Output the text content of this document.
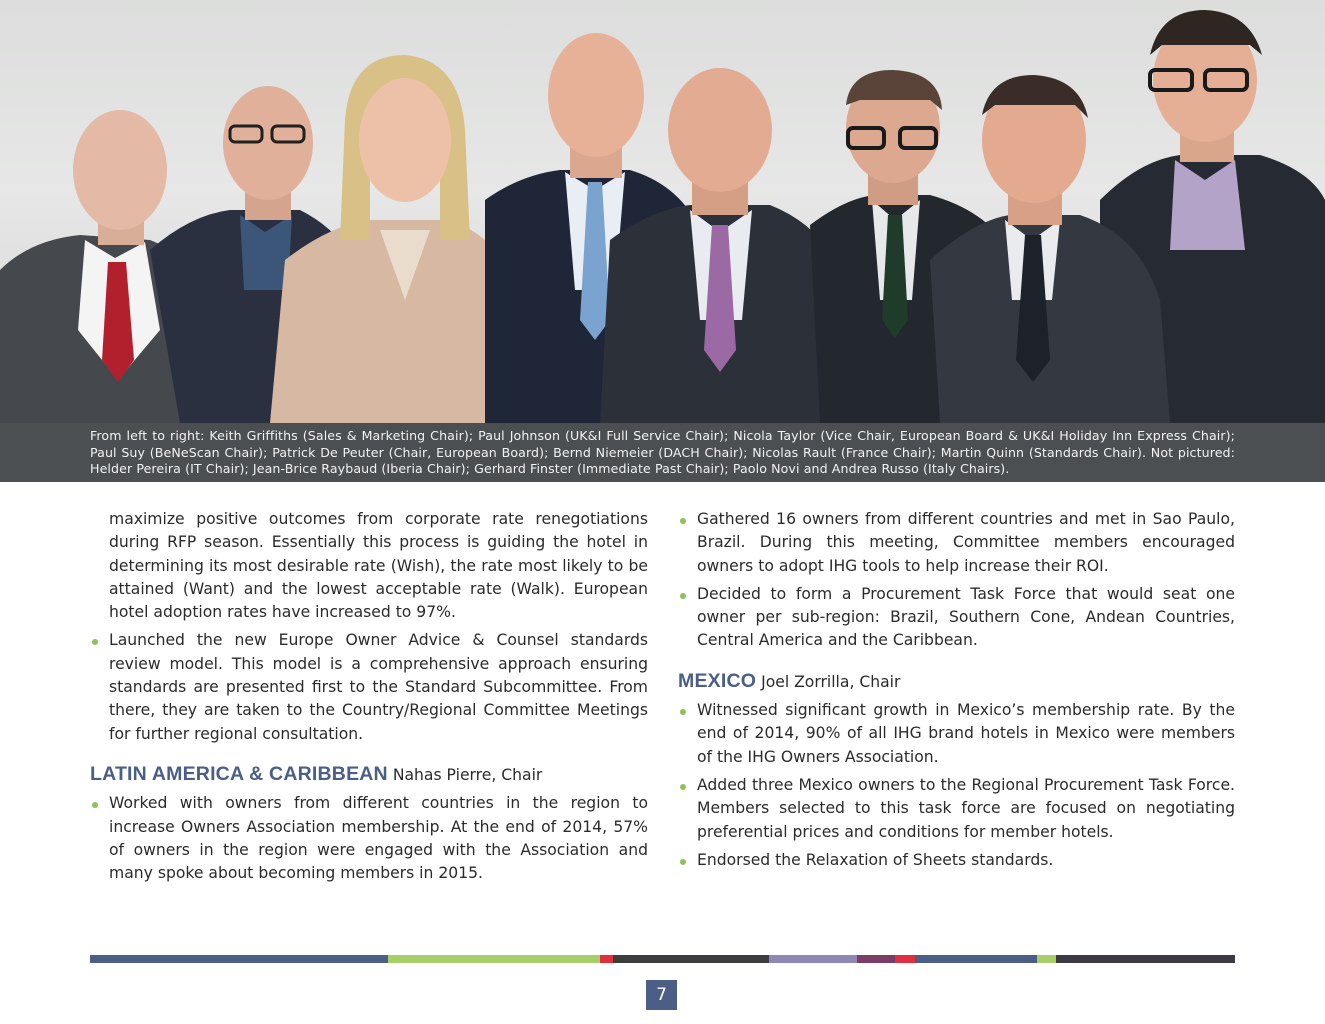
From left to right: Keith Griffiths (Sales & Marketing Chair); Paul Johnson (UK&I Full Service Chair); Nicola Taylor (Vice Chair, European Board & UK&I Holiday Inn Express Chair); Paul Suy (BeNeScan Chair); Patrick De Peuter (Chair, European Board); Bernd Niemeier (DACH Chair); Nicolas Rault (France Chair); Martin Quinn (Standards Chair). Not pictured: Helder Pereira (IT Chair); Jean-Brice Raybaud (Iberia Chair); Gerhard Finster (Immediate Past Chair); Paolo Novi and Andrea Russo (Italy Chairs).

maximize positive outcomes from corporate rate renegotiations during RFP season. Essentially this process is guiding the hotel in determining its most desirable rate (Wish), the rate most likely to be attained (Want) and the lowest acceptable rate (Walk). European hotel adoption rates have increased to 97%.
Launched the new Europe Owner Advice & Counsel standards review model. This model is a comprehensive approach ensuring standards are presented first to the Standard Subcommittee. From there, they are taken to the Country/Regional Committee Meetings for further regional consultation.
LATIN AMERICA & CARIBBEAN Nahas Pierre, Chair
Worked with owners from different countries in the region to increase Owners Association membership. At the end of 2014, 57% of owners in the region were engaged with the Association and many spoke about becoming members in 2015.
Gathered 16 owners from different countries and met in Sao Paulo, Brazil. During this meeting, Committee members encouraged owners to adopt IHG tools to help increase their ROI.
Decided to form a Procurement Task Force that would seat one owner per sub-region: Brazil, Southern Cone, Andean Countries, Central America and the Caribbean.
MEXICO Joel Zorrilla, Chair
Witnessed significant growth in Mexico’s membership rate. By the end of 2014, 90% of all IHG brand hotels in Mexico were members of the IHG Owners Association.
Added three Mexico owners to the Regional Procurement Task Force. Members selected to this task force are focused on negotiating preferential prices and conditions for member hotels.
Endorsed the Relaxation of Sheets standards.
7
